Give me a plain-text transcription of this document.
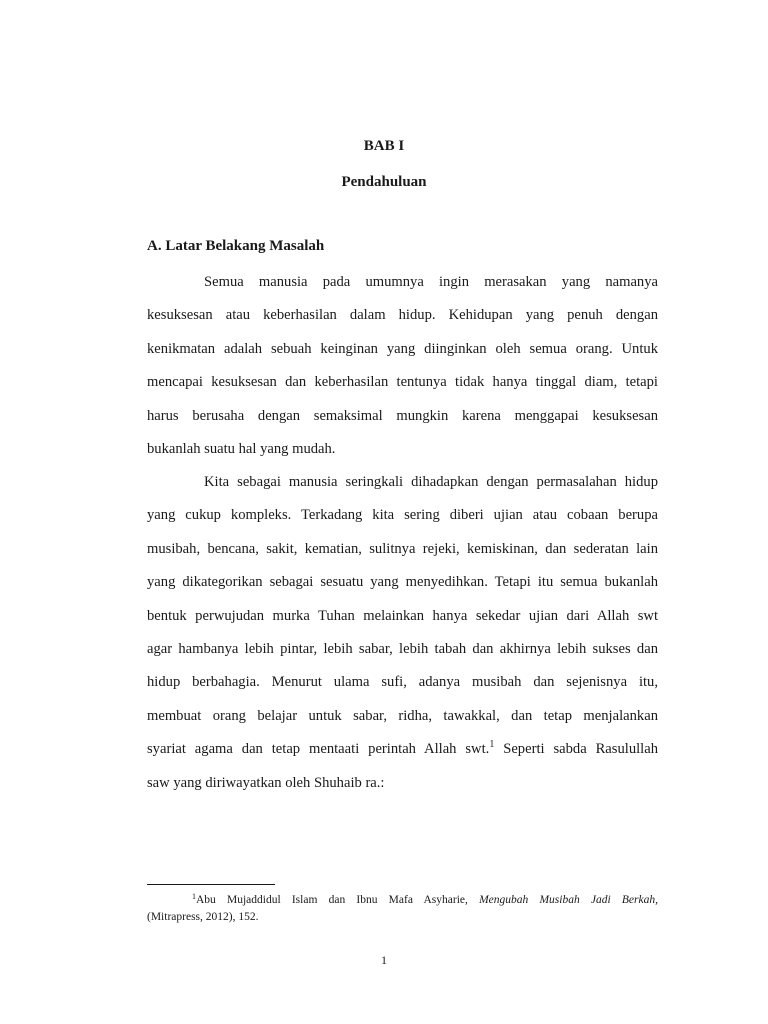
BAB I
Pendahuluan
A. Latar Belakang Masalah
Semua manusia pada umumnya ingin merasakan yang namanya
kesuksesan atau keberhasilan dalam hidup. Kehidupan yang penuh dengan
kenikmatan adalah sebuah keinginan yang diinginkan oleh semua orang. Untuk
mencapai kesuksesan dan keberhasilan tentunya tidak hanya tinggal diam, tetapi
harus berusaha dengan semaksimal mungkin karena menggapai kesuksesan
bukanlah suatu hal yang mudah.
Kita sebagai manusia seringkali dihadapkan dengan permasalahan hidup
yang cukup kompleks. Terkadang kita sering diberi ujian atau cobaan berupa
musibah, bencana, sakit, kematian, sulitnya rejeki, kemiskinan, dan sederatan lain
yang dikategorikan sebagai sesuatu yang menyedihkan. Tetapi itu semua bukanlah
bentuk perwujudan murka Tuhan melainkan hanya sekedar ujian dari Allah swt
agar hambanya lebih pintar, lebih sabar, lebih tabah dan akhirnya lebih sukses dan
hidup berbahagia. Menurut ulama sufi, adanya musibah dan sejenisnya itu,
membuat orang belajar untuk sabar, ridha, tawakkal, dan tetap menjalankan
syariat agama dan tetap mentaati perintah Allah swt.$^1$ Seperti sabda Rasulullah
saw yang diriwayatkan oleh Shuhaib ra.:
$^1$Abu Mujaddidul Islam dan Ibnu Mafa Asyharie, Mengubah Musibah Jadi Berkah,
(Mitrapress, 2012), 152.
1
